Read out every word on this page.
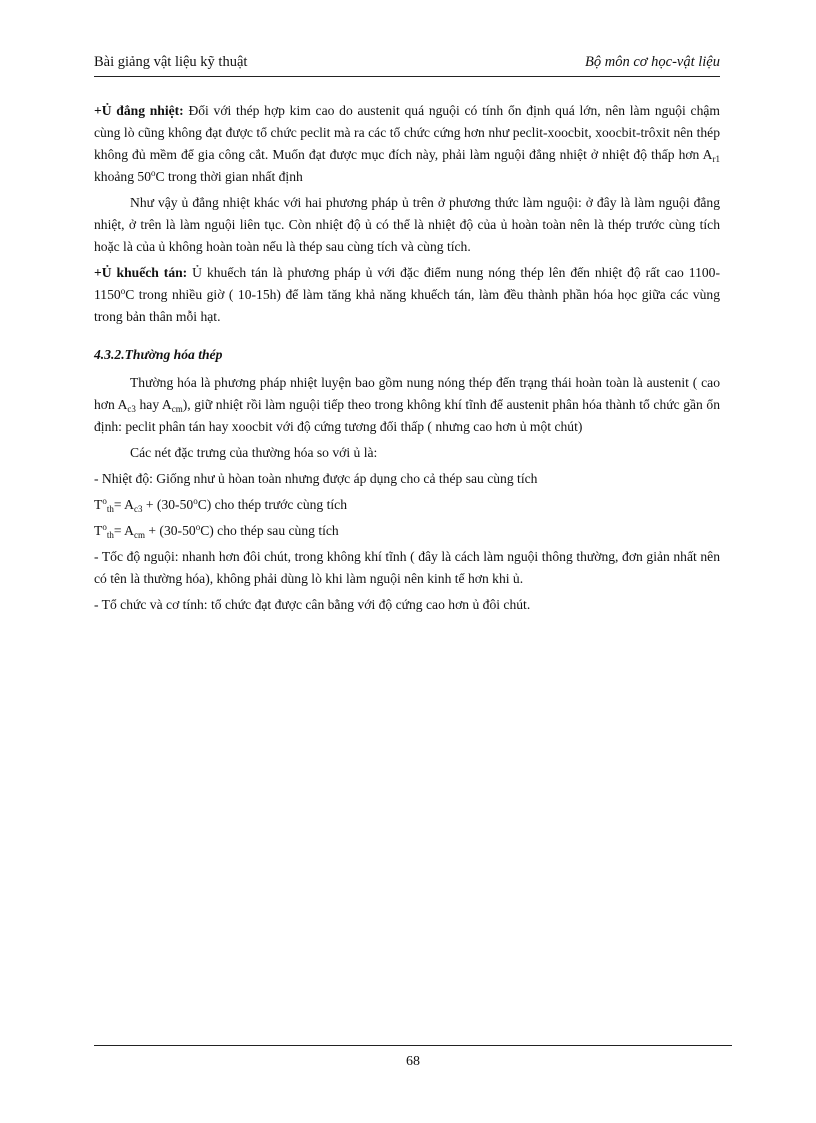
Bài giảng vật liệu kỹ thuật	Bộ môn cơ học-vật liệu

+Ủ đẳng nhiệt: Đối với thép hợp kim cao do austenit quá nguội có tính ổn định quá lớn, nên làm nguội chậm cùng lò cũng không đạt được tổ chức peclit mà ra các tổ chức cứng hơn như peclit-xoocbit, xoocbit-trôxit nên thép không đủ mềm để gia công cắt. Muốn đạt được mục đích này, phải làm nguội đẳng nhiệt ở nhiệt độ thấp hơn $A_{r1}$ khoảng 50$^o$C trong thời gian nhất định

Như vậy ủ đẳng nhiệt khác với hai phương pháp ủ trên ở phương thức làm nguội: ở đây là làm nguội đẳng nhiệt, ở trên là làm nguội liên tục. Còn nhiệt độ ủ có thể là nhiệt độ của ủ hoàn toàn nên là thép trước cùng tích hoặc là của ủ không hoàn toàn nếu là thép sau cùng tích và cùng tích.

+Ủ khuếch tán: Ủ khuếch tán là phương pháp ủ với đặc điểm nung nóng thép lên đến nhiệt độ rất cao 1100-1150$^o$C trong nhiều giờ ( 10-15h) để làm tăng khả năng khuếch tán, làm đều thành phần hóa học giữa các vùng trong bản thân mỗi hạt.

4.3.2.Thường hóa thép

Thường hóa là phương pháp nhiệt luyện bao gồm nung nóng thép đến trạng thái hoàn toàn là austenit ( cao hơn $A_{c3}$ hay $A_{cm}$), giữ nhiệt rồi làm nguội tiếp theo trong không khí tĩnh để austenit phân hóa thành tổ chức gần ổn định: peclit phân tán hay xoocbit với độ cứng tương đối thấp ( nhưng cao hơn ủ một chút)

Các nét đặc trưng của thường hóa so với ủ là:

- Nhiệt độ: Giống như ủ hòan toàn nhưng được áp dụng cho cả thép sau cùng tích

$T^o_{th}= A_{c3} + (30-50^oC)$ cho thép trước cùng tích

$T^o_{th}= A_{cm} + (30-50^oC)$ cho thép sau cùng tích

- Tốc độ nguội: nhanh hơn đôi chút, trong không khí tĩnh ( đây là cách làm nguội thông thường, đơn giản nhất nên có tên là thường hóa), không phải dùng lò khi làm nguội nên kinh tế hơn khi ủ.

- Tổ chức và cơ tính: tổ chức đạt được cân bằng với độ cứng cao hơn ủ đôi chút.

68
